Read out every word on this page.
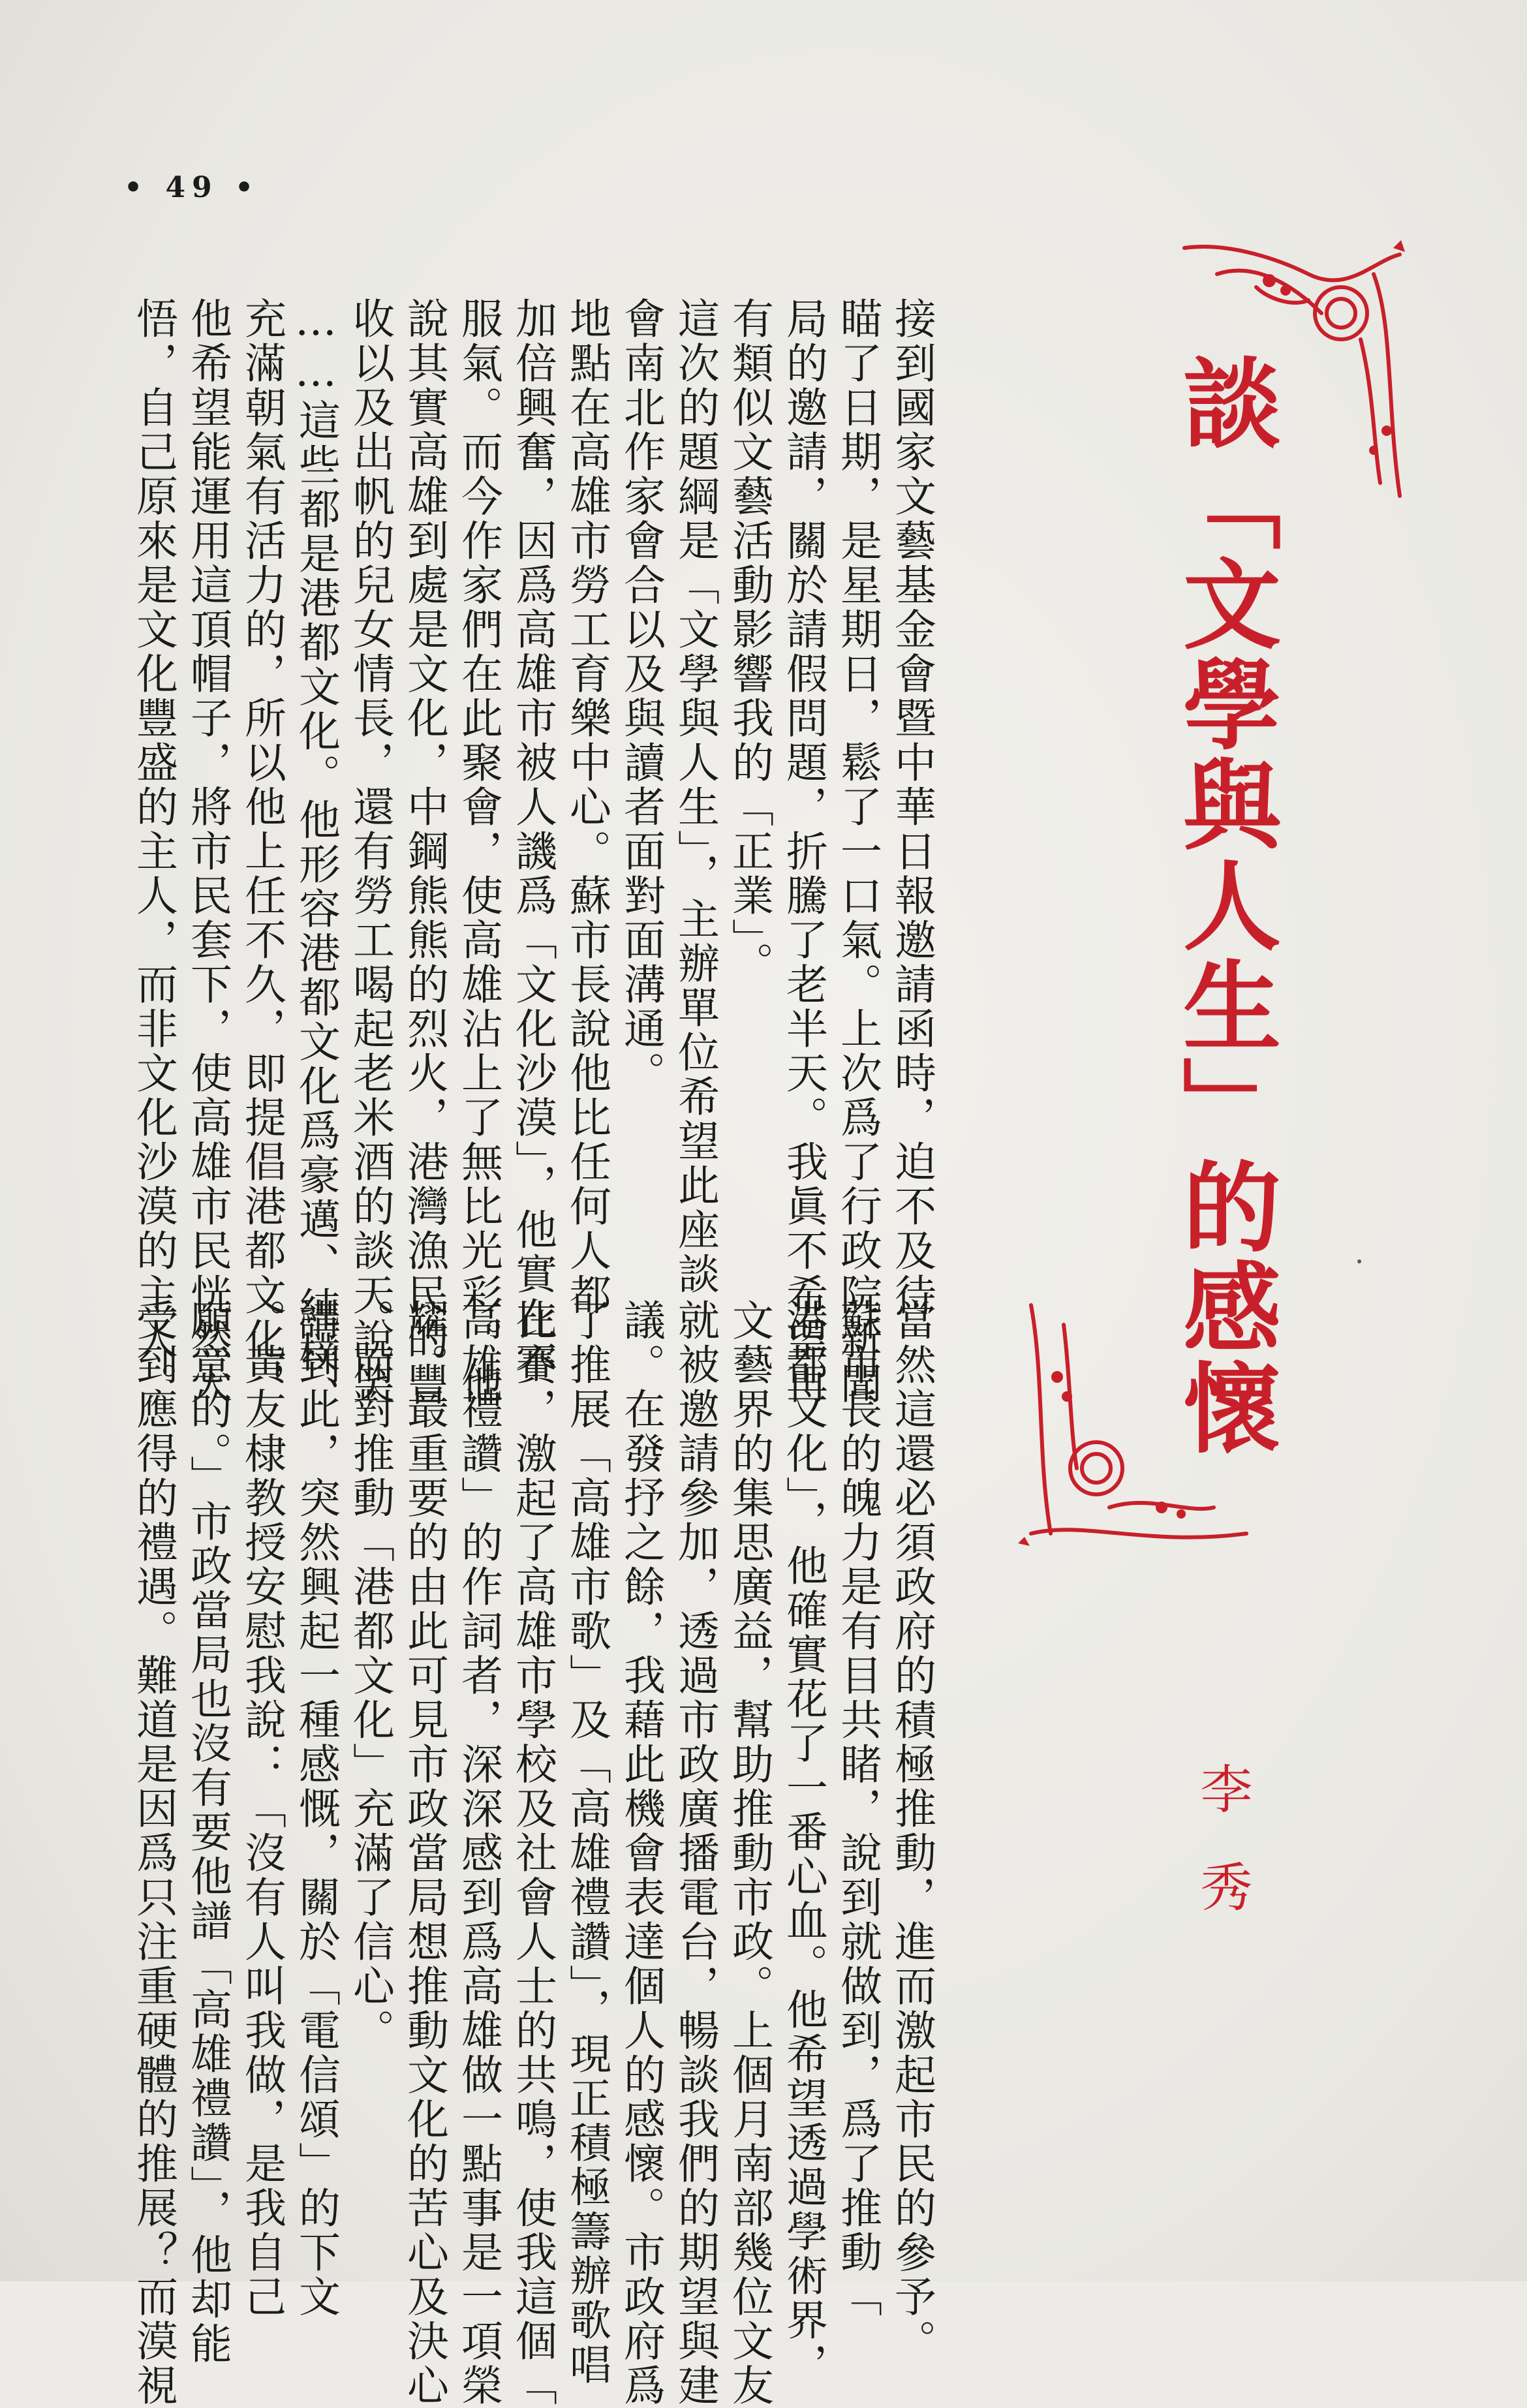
• 49 •
接到國家文藝基金會暨中華日報邀請函時，迫不及待
瞄了日期，是星期日，鬆了一口氣。上次爲了行政院新聞
局的邀請，關於請假問題，折騰了老半天。我眞不希望再
有類似文藝活動影響我的「正業」。
這次的題綱是「文學與人生」，主辦單位希望此座談
會南北作家會合以及與讀者面對面溝通。
地點在高雄市勞工育樂中心。蘇市長說他比任何人都
加倍興奮，因爲高雄市被人譏爲「文化沙漠」，他實在不
服氣。而今作家們在此聚會，使高雄沾上了無比光彩。他
說其實高雄到處是文化，中鋼熊熊的烈火，港灣漁民的豐
收以及出帆的兒女情長，還有勞工喝起老米酒的談天說笑
……這些都是港都文化。他形容港都文化爲豪邁、純樸、
充滿朝氣有活力的，所以他上任不久，即提倡港都文化，
他希望能運用這頂帽子，將市民套下，使高雄市民恍然大
悟，自己原來是文化豐盛的主人，而非文化沙漠的主人。
當然這還必須政府的積極推動，進而激起市民的參予。
蘇市長的魄力是有目共睹，說到就做到，爲了推動「
港都文化」，他確實花了一番心血。他希望透過學術界，
文藝界的集思廣益，幫助推動市政。上個月南部幾位文友
就被邀請參加，透過市政廣播電台，暢談我們的期望與建
議。在發抒之餘，我藉此機會表達個人的感懷。市政府爲
了推展「高雄市歌」及「高雄禮讚」，現正積極籌辦歌唱
比賽，激起了高雄市學校及社會人士的共鳴，使我這個「
高雄禮讚」的作詞者，深深感到爲高雄做一點事是一項榮
耀。最重要的由此可見市政當局想推動文化的苦心及決心
。而對推動「港都文化」充滿了信心。
講到此，突然興起一種感慨，關於「電信頌」的下文
。黃友棣教授安慰我說：「沒有人叫我做，是我自己
願意的。」市政當局也沒有要他譜「高雄禮讚」，他却能
受到應得的禮遇。難道是因爲只注重硬體的推展？而漠視
談「文學與人生」的感懷
李秀
